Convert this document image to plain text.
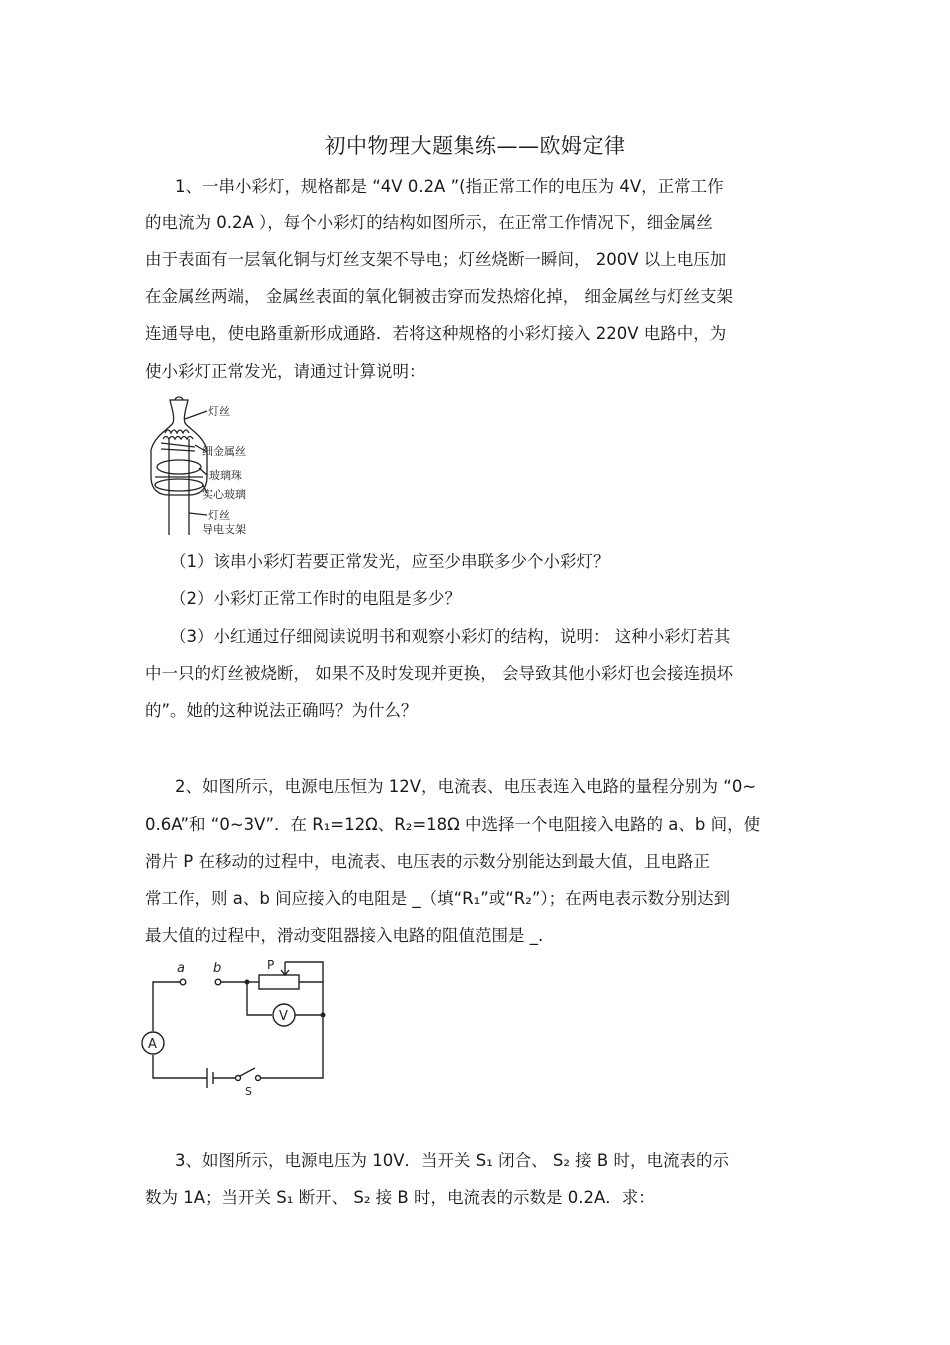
初中物理大题集练——欧姆定律
1、一串小彩灯，规格都是 “4V 0.2A ”(指正常工作的电压为 4V，正常工作
的电流为 0.2A ），每个小彩灯的结构如图所示，在正常工作情况下，细金属丝
由于表面有一层氧化铜与灯丝支架不导电；灯丝烧断一瞬间， 200V 以上电压加
在金属丝两端， 金属丝表面的氧化铜被击穿而发热熔化掉， 细金属丝与灯丝支架
连通导电，使电路重新形成通路．若将这种规格的小彩灯接入 220V 电路中，为
使小彩灯正常发光，请通过计算说明：
灯丝
细金属丝
玻璃珠
实心玻璃
灯丝
导电支架
（1）该串小彩灯若要正常发光，应至少串联多少个小彩灯？
（2）小彩灯正常工作时的电阻是多少？
（3）小红通过仔细阅读说明书和观察小彩灯的结构，说明： 这种小彩灯若其
中一只的灯丝被烧断， 如果不及时发现并更换， 会导致其他小彩灯也会接连损坏
的”。她的这种说法正确吗？为什么？
2、如图所示，电源电压恒为 12V，电流表、电压表连入电路的量程分别为 “0~
0.6A”和 “0~3V”．在 R₁=12Ω、R₂=18Ω 中选择一个电阻接入电路的 a、b 间，使
滑片 P 在移动的过程中，电流表、电压表的示数分别能达到最大值，且电路正
常工作，则 a、b 间应接入的电阻是 _（填“R₁”或“R₂”）；在两电表示数分别达到
最大值的过程中，滑动变阻器接入电路的阻值范围是 _.
a b	P
V
A
S
3、如图所示，电源电压为 10V．当开关 S₁ 闭合、 S₂ 接 B 时，电流表的示
数为 1A；当开关 S₁ 断开、 S₂ 接 B 时，电流表的示数是 0.2A．求：
